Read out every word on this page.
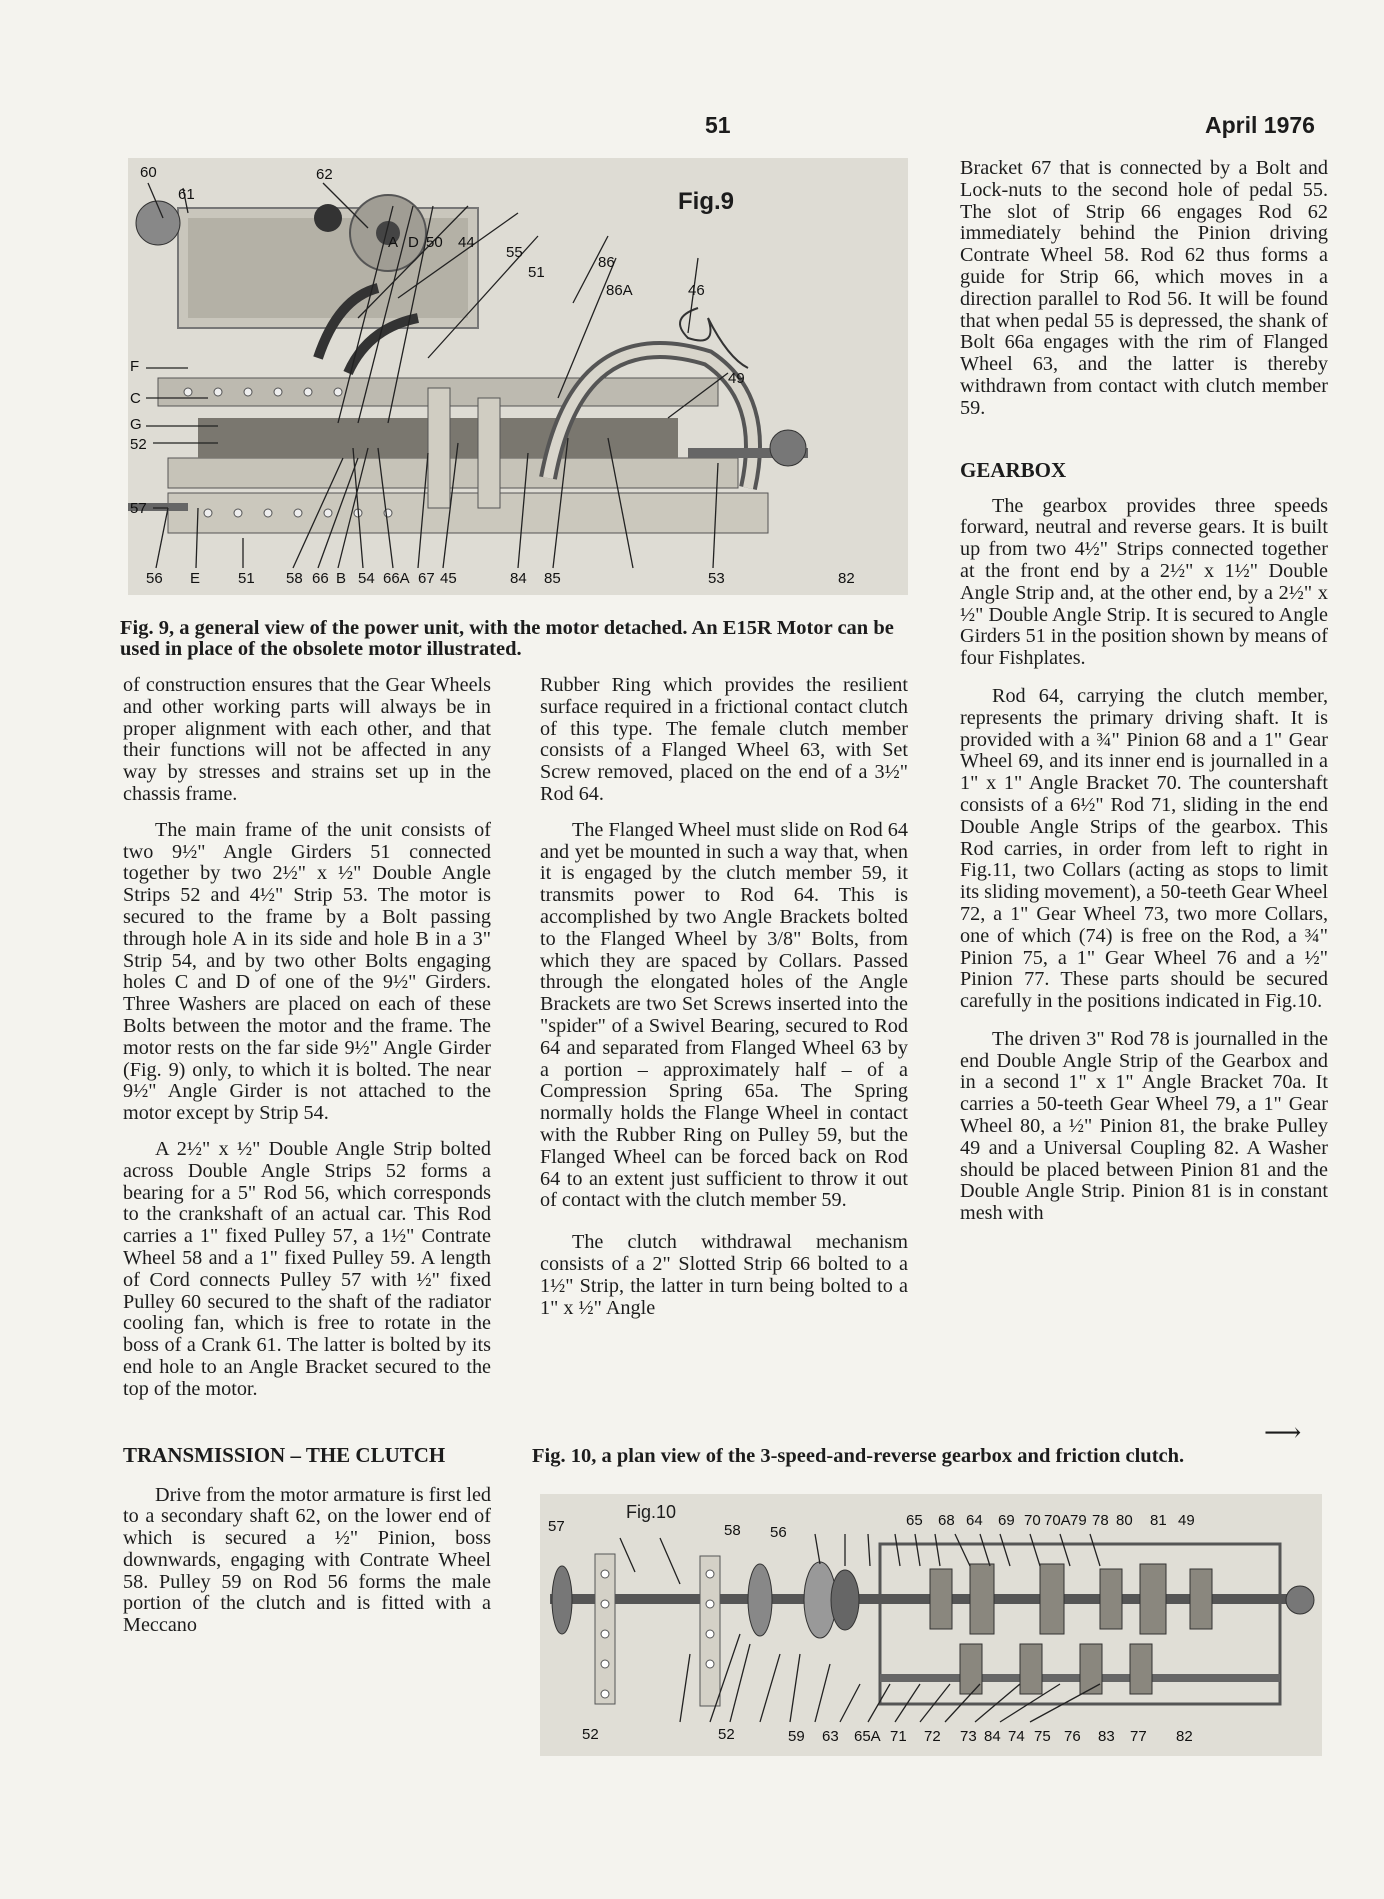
51	April 1976
Fig.9
60
61
62
A D 50 44
55
51
86
86A	46
49
F
C
G
52
57
56 E	51 58 66 B 54 66A 67 45	84 85	53	82
Fig. 9, a general view of the power unit, with the motor detached. An E15R Motor can be used in place of the obsolete motor illustrated.

of construction ensures that the Gear Wheels and other working parts will always be in proper alignment with each other, and that their functions will not be affected in any way by stresses and strains set up in the chassis frame.

The main frame of the unit consists of two 9½" Angle Girders 51 connected together by two 2½" x ½" Double Angle Strips 52 and 4½" Strip 53. The motor is secured to the frame by a Bolt passing through hole A in its side and hole B in a 3" Strip 54, and by two other Bolts engaging holes C and D of one of the 9½" Girders. Three Washers are placed on each of these Bolts between the motor and the frame. The motor rests on the far side 9½" Angle Girder (Fig. 9) only, to which it is bolted. The near 9½" Angle Girder is not attached to the motor except by Strip 54.

A 2½" x ½" Double Angle Strip bolted across Double Angle Strips 52 forms a bearing for a 5" Rod 56, which corresponds to the crankshaft of an actual car. This Rod carries a 1" fixed Pulley 57, a 1½" Contrate Wheel 58 and a 1" fixed Pulley 59. A length of Cord connects Pulley 57 with ½" fixed Pulley 60 secured to the shaft of the radiator cooling fan, which is free to rotate in the boss of a Crank 61. The latter is bolted by its end hole to an Angle Bracket secured to the top of the motor.

TRANSMISSION – THE CLUTCH

Drive from the motor armature is first led to a secondary shaft 62, on the lower end of which is secured a ½" Pinion, boss downwards, engaging with Contrate Wheel 58. Pulley 59 on Rod 56 forms the male portion of the clutch and is fitted with a Meccano

Rubber Ring which provides the resilient surface required in a frictional contact clutch of this type. The female clutch member consists of a Flanged Wheel 63, with Set Screw removed, placed on the end of a 3½" Rod 64.

The Flanged Wheel must slide on Rod 64 and yet be mounted in such a way that, when it is engaged by the clutch member 59, it transmits power to Rod 64. This is accomplished by two Angle Brackets bolted to the Flanged Wheel by 3/8" Bolts, from which they are spaced by Collars. Passed through the elongated holes of the Angle Brackets are two Set Screws inserted into the "spider" of a Swivel Bearing, secured to Rod 64 and separated from Flanged Wheel 63 by a portion – approximately half – of a Compression Spring 65a. The Spring normally holds the Flange Wheel in contact with the Rubber Ring on Pulley 59, but the Flanged Wheel can be forced back on Rod 64 to an extent just sufficient to throw it out of contact with the clutch member 59.

The clutch withdrawal mechanism consists of a 2" Slotted Strip 66 bolted to a 1½" Strip, the latter in turn being bolted to a 1" x ½" Angle

Bracket 67 that is connected by a Bolt and Lock-nuts to the second hole of pedal 55. The slot of Strip 66 engages Rod 62 immediately behind the Pinion driving Contrate Wheel 58. Rod 62 thus forms a guide for Strip 66, which moves in a direction parallel to Rod 56. It will be found that when pedal 55 is depressed, the shank of Bolt 66a engages with the rim of Flanged Wheel 63, and the latter is thereby withdrawn from contact with clutch member 59.

GEARBOX

The gearbox provides three speeds forward, neutral and reverse gears. It is built up from two 4½" Strips connected together at the front end by a 2½" x 1½" Double Angle Strip and, at the other end, by a 2½" x ½" Double Angle Strip. It is secured to Angle Girders 51 in the position shown by means of four Fishplates.

Rod 64, carrying the clutch member, represents the primary driving shaft. It is provided with a ¾" Pinion 68 and a 1" Gear Wheel 69, and its inner end is journalled in a 1" x 1" Angle Bracket 70. The countershaft consists of a 6½" Rod 71, sliding in the end Double Angle Strips of the gearbox. This Rod carries, in order from left to right in Fig.11, two Collars (acting as stops to limit its sliding movement), a 50-teeth Gear Wheel 72, a 1" Gear Wheel 73, two more Collars, one of which (74) is free on the Rod, a ¾" Pinion 75, a 1" Gear Wheel 76 and a ½" Pinion 77. These parts should be secured carefully in the positions indicated in Fig.10.

The driven 3" Rod 78 is journalled in the end Double Angle Strip of the Gearbox and in a second 1" x 1" Angle Bracket 70a. It carries a 50-teeth Gear Wheel 79, a 1" Gear Wheel 80, a ½" Pinion 81, the brake Pulley 49 and a Universal Coupling 82. A Washer should be placed between Pinion 81 and the Double Angle Strip. Pinion 81 is in constant mesh with

⟶
Fig. 10, a plan view of the 3-speed-and-reverse gearbox and friction clutch.
Fig.10
57	58 56
65 68 64 69 70 70A 79 78 80 81 49
52	52	59 63 65A 71 72 73 84 74 75 76 83 77 82
